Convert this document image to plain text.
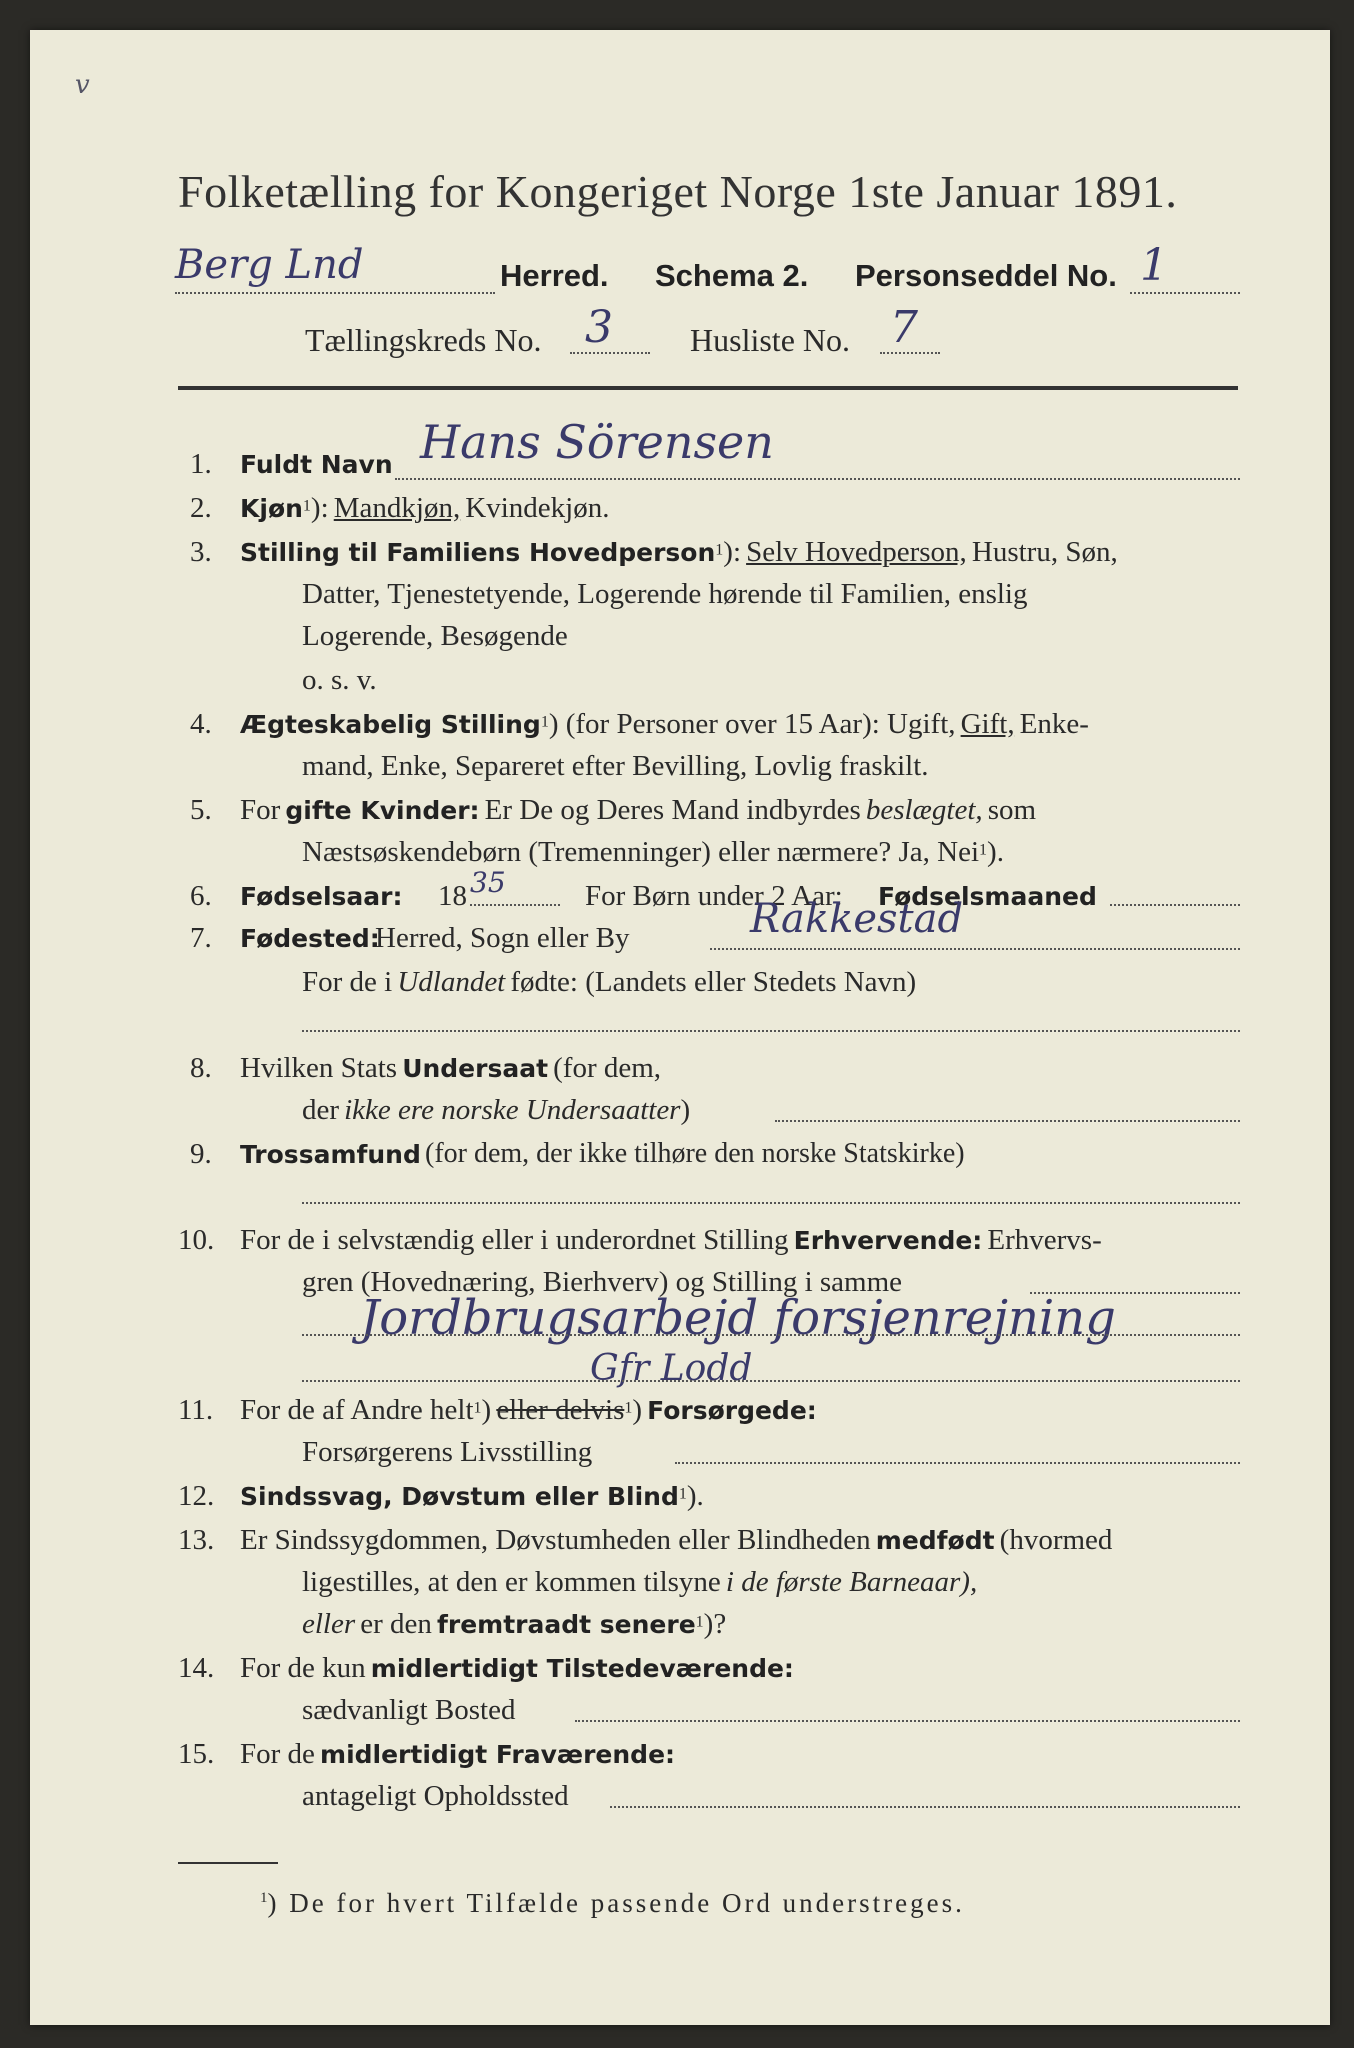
v
Folketælling for Kongeriget Norge 1ste Januar 1891.
Berg Lnd	Herred. Schema 2. Personseddel No. 1
Tællingskreds No. 3 Husliste No. 7
1. Fuldt Navn Hans Sörensen
2. Kjøn$^1$): Mandkjøn, Kvindekjøn.
3. Stilling til Familiens Hovedperson$^1$): Selv Hovedperson, Hustru, Søn,
Datter, Tjenestetyende, Logerende hørende til Familien, enslig
Logerende, Besøgende
o. s. v.
4. Ægteskabelig Stilling$^1$) (for Personer over 15 Aar): Ugift, Gift, Enke-
mand, Enke, Separeret efter Bevilling, Lovlig fraskilt.
5. For gifte Kvinder: Er De og Deres Mand indbyrdes beslægtet, som
Næstsøskendebørn (Tremenninger) eller nærmere? Ja, Nei$^1$).
6. Fødselsaar: 18 35	For Børn under 2 Aar: Fødselsmaaned
7. Fødested:
Herred, Sogn eller By	Rakkestad
For de i Udlandet fødte: (Landets eller Stedets Navn)
8. Hvilken Stats Undersaat (for dem,
der ikke ere norske Undersaatter)
9. Trossamfund (for dem, der ikke tilhøre den norske Statskirke)
10. For de i selvstændig eller i underordnet Stilling Erhvervende: Erhvervs-
gren (Hovednæring, Bierhverv) og Stilling i samme
Jordbrugsarbejd forsjenrejning
Gfr Lodd
11. For de af Andre helt$^1$) eller delvis$^1$) Forsørgede:
Forsørgerens Livsstilling
12. Sindssvag, Døvstum eller Blind$^1$).
13. Er Sindssygdommen, Døvstumheden eller Blindheden medfødt (hvormed
ligestilles, at den er kommen tilsyne i de første Barneaar),
eller er den fremtraadt senere$^1$)?
14. For de kun midlertidigt Tilstedeværende:
sædvanligt Bosted
15. For de midlertidigt Fraværende:
antageligt Opholdssted
$^1$) De for hvert Tilfælde passende Ord understreges.
